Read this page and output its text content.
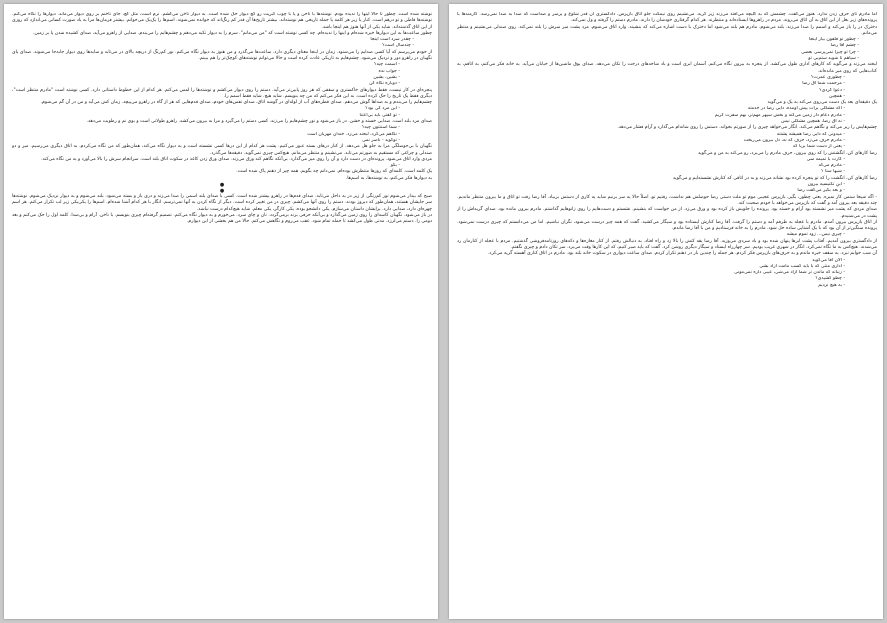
نوشته شده است. چطور تا حالا اینها را ندیده بودم. نوشته‌ها با ناخن و یا با چوب کبریت رو کچ دیوار حک شده است. به دیوار ناخن می‌کشم. نرم است، مثل گچ، جای ناخنم بر روی دیوار می‌ماند. دیوارها را نگاه می‌کنم. نوشته‌ها قاطی و تو درهم است. کنار یا زیر هر کلمه یا جمله تاریخی هم نوشته‌اند. بیشتر تاریخ‌ها آن قدر کم رنگ‌اند که خوانده نمی‌شوند. اسم‌ها را یک‌یک می‌خوانم. بیشتر فرمان‌ها مرا به یاد صورت کسانی می‌اندازد که روزی از این اتاق گذشته‌اند. شاید یکی از آنها هنوز هم اینجا باشد.

چطور ساعت‌ها به این دیوارها خیره شده‌ام و اینها را ندیده‌ام. چه کسی نوشته است که "من می‌مانم". سرم را به دیوار تکیه می‌دهم و چشم‌هایم را می‌بندم. صدایی از راهرو می‌آید، صدای کشیده شدن پا بر زمین.

- چقدر سرد است اینجا
- چندسال است؟

از خودم می‌پرسم که آیا کسی صدایم را می‌شنود. زمان در اینجا معنای دیگری دارد. ساعت‌ها می‌گذرد و من هنوز به دیوار نگاه می‌کنم. نور کم‌رنگ از دریچه بالای در می‌تابد و سایه‌ها روی دیوار جابه‌جا می‌شوند. صدای پای نگهبان در راهرو دور و نزدیک می‌شود. چشم‌هایم به تاریکی عادت کرده است و حالا می‌توانم نوشته‌های کوچک‌تر را هم ببینم.

- اسمت چیه؟
- جواب نده
- بشین، بشین
- دوباره نگاه کن

پنجره‌ای در کار نیست، فقط دیوارهای خاکستری و سقفی که هر روز پایین‌تر می‌آید. دستم را روی دیوار می‌کشم و نوشته‌ها را لمس می‌کنم. هر کدام از این خطوط داستانی دارد. کسی نوشته است "مادرم منتظر است"، دیگری فقط یک تاریخ را حک کرده است. به این فکر می‌کنم که من چه بنویسم. شاید هیچ. شاید فقط اسمم را.

چشم‌هایم را می‌بندم و به صداها گوش می‌دهم. صدای قطره‌های آب از لوله‌ای در گوشه اتاق، صدای نفس‌های خودم، صدای قدم‌هایی که هر از گاه در راهرو می‌پیچد. زمان کش می‌آید و من در آن گم می‌شوم.

- این مرد کی بود؟
- تو گفتی باید بی‌اعتنا

صدای مرد بلند است. صدایی خسته و خشن. در باز می‌شود و نور چشم‌هایم را می‌زند. کسی دستم را می‌گیرد و مرا به بیرون می‌کشد. راهرو طولانی است و بوی نم و رطوبت می‌دهد.

- شما استنتون چیه؟
- نگاهم می‌کرد، لبخند می‌زد. خندان مهربان است
- توگوید - ناصر نمی‌

نگهبان با بی‌حوصلگی مرا به جلو هل می‌دهد. از کنار درهای بسته عبور می‌کنیم. پشت هر کدام از این درها کسی نشسته است و به دیوار نگاه می‌کند، همان‌طور که من نگاه می‌کردم. به اتاق دیگری می‌رسیم. میز و دو صندلی و چراغی که مستقیم به صورتم می‌تابد. می‌نشینم و منتظر می‌مانم. هیچ‌کس چیزی نمی‌گوید. دقیقه‌ها می‌گذرد.

مردی وارد اتاق می‌شود. پرونده‌ای در دست دارد و آن را روی میز می‌گذارد. بی‌آنکه نگاهم کند ورق می‌زند. صدای ورق زدن کاغذ در سکوت اتاق بلند است. سرانجام سرش را بالا می‌آورد و به من نگاه می‌کند.

- بگو

یک کلمه است. کلمه‌ای که روزها منتظرش بوده‌ام. نمی‌دانم چه بگویم. همه چیز از ذهنم پاک شده است.

به دیوارها فکر می‌کنم، به نوشته‌ها، به اسم‌ها.

●
●

صبح که بیدار می‌شوم نور کم‌رنگی از زیر در به داخل می‌تابد. صدای قدم‌ها در راهرو بیشتر شده است. کسی با صدای بلند اسمی را صدا می‌زند و دری باز و بسته می‌شود. بلند می‌شوم و به دیوار نزدیک می‌شوم. نوشته‌ها سر جایشان هستند، همان‌طور که دیروز بودند. دستم را روی آنها می‌کشم. چیزی در من تغییر کرده است. دیگر از نگاه کردن به آنها نمی‌ترسم. انگار با هر کدام آشنا شده‌ام. اسم‌ها را یکی‌یکی زیر لب تکرار می‌کنم. هر اسم چهره‌ای دارد، صدایی دارد. برایشان داستان می‌سازم. یکی دانشجو بوده، یکی کارگر، یکی معلم. شاید هیچ‌کدام درست نباشد.

در باز می‌شود. نگهبان کاسه‌ای را روی زمین می‌گذارد و بی‌آنکه حرفی بزند برمی‌گردد. نان و چای سرد. می‌خورم و به دیوار نگاه می‌کنم. تصمیم گرفته‌ام چیزی بنویسم. با ناخن. آرام و بی‌صدا. کلمه اول را حک می‌کنم و بعد دومی را. دستم می‌لرزد. مدتی طول می‌کشد تا جمله تمام شود. عقب می‌روم و نگاهش می‌کنم. حالا من هم بخشی از این دیوارم.

اما مادرم تای حرف زدن ندارد. هنوز می‌گفت. چشمش که به کلیچه می‌افتد می‌زند زیر گریه. می‌نشینم روی نیمکت جلو اتاق بازپرس. دادگستری آن قدر شلوغ و پرسر و صداست که صدا به صدا نمی‌رسد. کارمندها با پرونده‌های زیر بغل از این اتاق به آن اتاق می‌روند. مردم در راهروها ایستاده‌اند و منتظرند. هر کدام گرفتاری خودشان را دارند. مادرم دستم را گرفته و ول نمی‌کند.

دخترک در را باز می‌کند و اسمم را صدا می‌زند. بلند می‌شوم. مادرم هم بلند می‌شود اما دخترک با دست اشاره می‌کند که بنشیند. وارد اتاق می‌شوم. مرد پشت میز سرش را بلند نمی‌کند. روی صندلی می‌نشینم و منتظر می‌مانم.

- چطور تو فلفون بیار اینجا
- چشم آقا رضا
- چرا تو چیزا نمی‌پرسی بعضی
- سیاهم تا شوید ستم‌بی تو

لبخند می‌زند و می‌گوید که کارهای اداری طول می‌کشد. از پنجره به بیرون نگاه می‌کنم. آسمان ابری است و باد شاخه‌های درخت را تکان می‌دهد. صدای بوق ماشین‌ها از خیابان می‌آید. به خانه فکر می‌کنم، به اتاقم، به کتاب‌هایی که روی میز مانده‌اند.

- چطوری عمرت؟
- مرحمت شما آق رضا
- دعوا کردی؟
- همچین

یک دقیقه‌ای بعد یک دست می‌روی می‌کند به یک و می‌گوید

- اگه مشکلی برات پیش اومده، دایی رضا در خدمته
- مادرم دعام دار زمین می‌کنه و بخش سپهر مهم‌تر، بهم سفرت کریم
- نه آق رضا، همچین مشکلی نیس

چشم‌هایش را ریز می‌کند و نگاهم می‌کند. انگار می‌خواهد چیزی را از صورتم بخواند. دستش را روی شانه‌ام می‌گذارد و آرام فشار می‌دهد.

- میدونی که دایی رضا همیشه پشتته
- مادرم حرف می‌زد، حرف که نه، دل بیرون می‌ریخت
- یعنی از دست شما بریا که

رضا کارهای کن، انگشتش را که روی بیرون، حرف مادرم را می‌برد، رو می‌کند به من و می‌گوید

- کارت با تمیمه سی
- مادرم می‌گه
- شبها ستا ؟

رضا کارهای کن، انگشت را که تو پنجره کرده بود نشانه می‌زند و به در اتاقی که کنارش نشسته‌ایم و می‌گوید

- اینِ تکنیسیه بیرون
- و بعد بگیر می‌گفت رضا

- اگه شیخا سنمن کار نمیزه. یعنی چطور، بگیر، بازپرس عجیبی موم تو ملت دستی رضا حوصلش هم نداشت، رفتیم تو، اصلاً حالا یه سر بزنیم شاید یه کاری از دستش بربیاد. آقا رضا رفت تو اتاق و ما بیرون منتظر ماندیم. چند دقیقه بعد بیرون آمد و گفت که بازپرس می‌خواهد با خودم صحبت کند.

صدای مردی که پشت میز نشسته بود آرام و خسته بود. پرونده را جلویش باز کرده بود و ورق می‌زد. از من خواست که بنشینم. نشستم و دست‌هایم را روی زانوهایم گذاشتم. مادرم بیرون مانده بود. صدای گریه‌اش را از پشت در می‌شنیدم.

از اتاق بازپرس بیرون آمدم. مادرم با عجله به طرفم آمد و دستم را گرفت. آقا رضا کنارش ایستاده بود و سیگار می‌کشید. گفت که همه چیز درست می‌شود، نگران نباشیم. اما من می‌دانستم که چیزی درست نمی‌شود. پرونده سنگین‌تر از آن بود که با یک آشنایی ساده حل شود. مادرم را به خانه فرستادیم و من با آقا رضا ماندم.

- چیزی نیس... زود تموم میشه

از دادگستری بیرون آمدیم. آفتاب پشت ابرها پنهان شده بود و باد سردی می‌وزید. آقا رضا یقه کتش را بالا زد و راه افتاد. به دنبالش رفتم. از کنار مغازه‌ها و دکه‌های روزنامه‌فروشی گذشتیم. مردم با عجله از کنارمان رد می‌شدند. هیچ‌کس به ما نگاه نمی‌کرد. انگار در شهری غریب بودیم. سر چهارراه ایستاد و سیگار دیگری روشن کرد. گفت که باید صبر کنیم، که این کارها وقت می‌برد. سر تکان دادم و چیزی نگفتم.

آن شب خوابم نبرد. به سقف خیره ماندم و به حرف‌های بازپرس فکر کردم. هر جمله را چندین بار در ذهنم تکرار کردم. صدای ساعت دیواری در سکوت خانه بلند بود. مادرم در اتاق کناری آهسته گریه می‌کرد.

- الان آقا می‌گوید
- اداری منتی که با باید کسب مامت آزاد بشی
- زنبانه که ماندن تر شما آزاد می‌شی، عیبی داره نمی‌مونی
- چطو کشیدی؟
- به هیچ نزدیم
